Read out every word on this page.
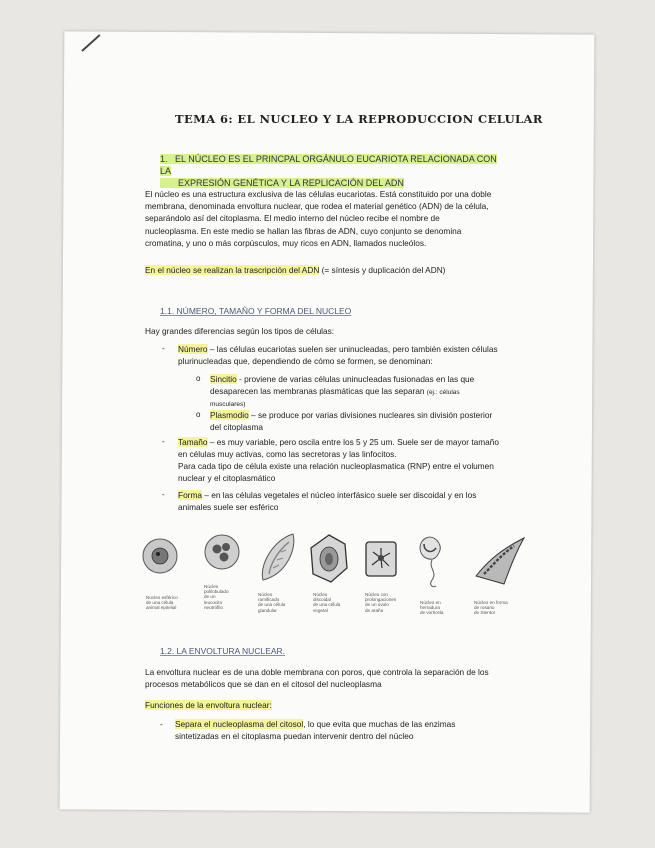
TEMA 6: EL NUCLEO Y LA REPRODUCCION CELULAR
1. EL NÚCLEO ES EL PRINCPAL ORGÁNULO EUCARIOTA RELACIONADA CON LA
EXPRESIÓN GENÉTICA Y LA REPLICACIÓN DEL ADN
El núcleo es una estructura exclusiva de las células eucariotas. Está constituido por una doble
membrana, denominada envoltura nuclear, que rodea el material genético (ADN) de la célula,
separándolo así del citoplasma. El medio interno del núcleo recibe el nombre de
nucleoplasma. En este medio se hallan las fibras de ADN, cuyo conjunto se denomina
cromatina, y uno o más corpúsculos, muy ricos en ADN, llamados nucleólos.
En el núcleo se realizan la trascripción del ADN (= síntesis y duplicación del ADN)
1.1. NÚMERO, TAMAÑO Y FORMA DEL NUCLEO
Hay grandes diferencias según los tipos de células:
- Número – las células eucariotas suelen ser uninucleadas, pero también existen células
plurinucleadas que, dependiendo de cómo se formen, se denominan:
o Sincitio - proviene de varias células uninucleadas fusionadas en las que
desaparecen las membranas plasmáticas que las separan (ej.: células
musculares)
o Plasmodio – se produce por varias divisiones nucleares sin división posterior
del citoplasma
- Tamaño – es muy variable, pero oscila entre los 5 y 25 um. Suele ser de mayor tamaño
en células muy activas, como las secretoras y las linfocitos.
Para cada tipo de célula existe una relación nucleoplasmatica (RNP) entre el volumen
nuclear y el citoplasmático
- Forma – en las células vegetales el núcleo interfásico suele ser discoidal y en los
animales suele ser esférico
Nucleo esférico
de una célula
animal epitelial
Núcleo
polilobulado
de un
leucocito
neutrófilo
Núcleo
ramificado
de una célula
glandular
Núcleo
discoidal
de una célula
vegetal
Núcleo con
prolongaciones
de un ovulo
de araña
Núcleo en
herradura
de vorticela
Núcleo en forma
de rosario
de Stentor
1.2. LA ENVOLTURA NUCLEAR.
La envoltura nuclear es de una doble membrana con poros, que controla la separación de los
procesos metabólicos que se dan en el citosol del nucleoplasma
Funciones de la envoltura nuclear:
- Separa el nucleoplasma del citosol, lo que evita que muchas de las enzimas
sintetizadas en el citoplasma puedan intervenir dentro del núcleo
